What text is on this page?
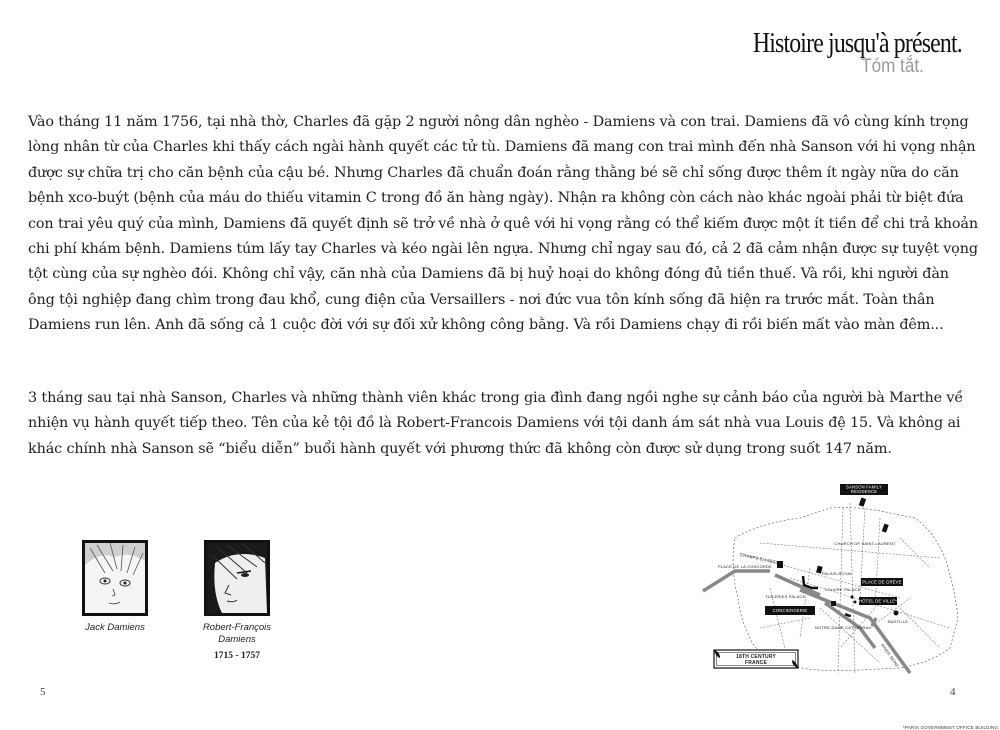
Histoire jusqu'à présent.
Tóm tắt.

Vào tháng 11 năm 1756, tại nhà thờ, Charles đã gặp 2 người nông dân nghèo - Damiens và con trai. Damiens đã vô cùng kính trọng lòng nhân từ của Charles khi thấy cách ngài hành quyết các tử tù. Damiens đã mang con trai mình đến nhà Sanson với hi vọng nhận được sự chữa trị cho căn bệnh của cậu bé. Nhưng Charles đã chuẩn đoán rằng thằng bé sẽ chỉ sống được thêm ít ngày nữa do căn bệnh xco-buýt (bệnh của máu do thiếu vitamin C trong đồ ăn hàng ngày). Nhận ra không còn cách nào khác ngoài phải từ biệt đứa con trai yêu quý của mình, Damiens đã quyết định sẽ trở về nhà ở quê với hi vọng rằng có thể kiếm được một ít tiền để chi trả khoản chi phí khám bệnh. Damiens túm lấy tay Charles và kéo ngài lên ngựa. Nhưng chỉ ngay sau đó, cả 2 đã cảm nhận được sự tuyệt vọng tột cùng của sự nghèo đói. Không chỉ vậy, căn nhà của Damiens đã bị huỷ hoại do không đóng đủ tiền thuế. Và rồi, khi người đàn ông tội nghiệp đang chìm trong đau khổ, cung điện của Versaillers - nơi đức vua tôn kính sống đã hiện ra trước mắt. Toàn thân Damiens run lên. Anh đã sống cả 1 cuộc đời với sự đối xử không công bằng. Và rồi Damiens chạy đi rồi biến mất vào màn đêm...

3 tháng sau tại nhà Sanson, Charles và những thành viên khác trong gia đình đang ngồi nghe sự cảnh báo của người bà Marthe về nhiện vụ hành quyết tiếp theo. Tên của kẻ tội đồ là Robert-Francois Damiens với tội danh ám sát nhà vua Louis đệ 15. Và không ai khác chính nhà Sanson sẽ “biểu diễn” buổi hành quyết với phương thức đã không còn được sử dụng trong suốt 147 năm.

Jack Damiens	Robert-François
Damiens
1715 - 1757
SANSON FAMILY
RESIDENCE
PLACE DE GRÈVE
HÔTEL DE VILLE*
CONCIERGERIE
CHURCH OF SAINT-LAURENT
CHAMPS-ÉLYSÉES
PLACE DE LA CONCORDE
PALAIS-ROYAL
LOUVRE PALACE
TUILERIES PALACE
NOTRE-DAME CATHEDRAL
BASTILLE
RIVER SEINE
18TH CENTURY
FRANCE
5	4
*PARIS GOVERNMENT OFFICE BUILDING.
